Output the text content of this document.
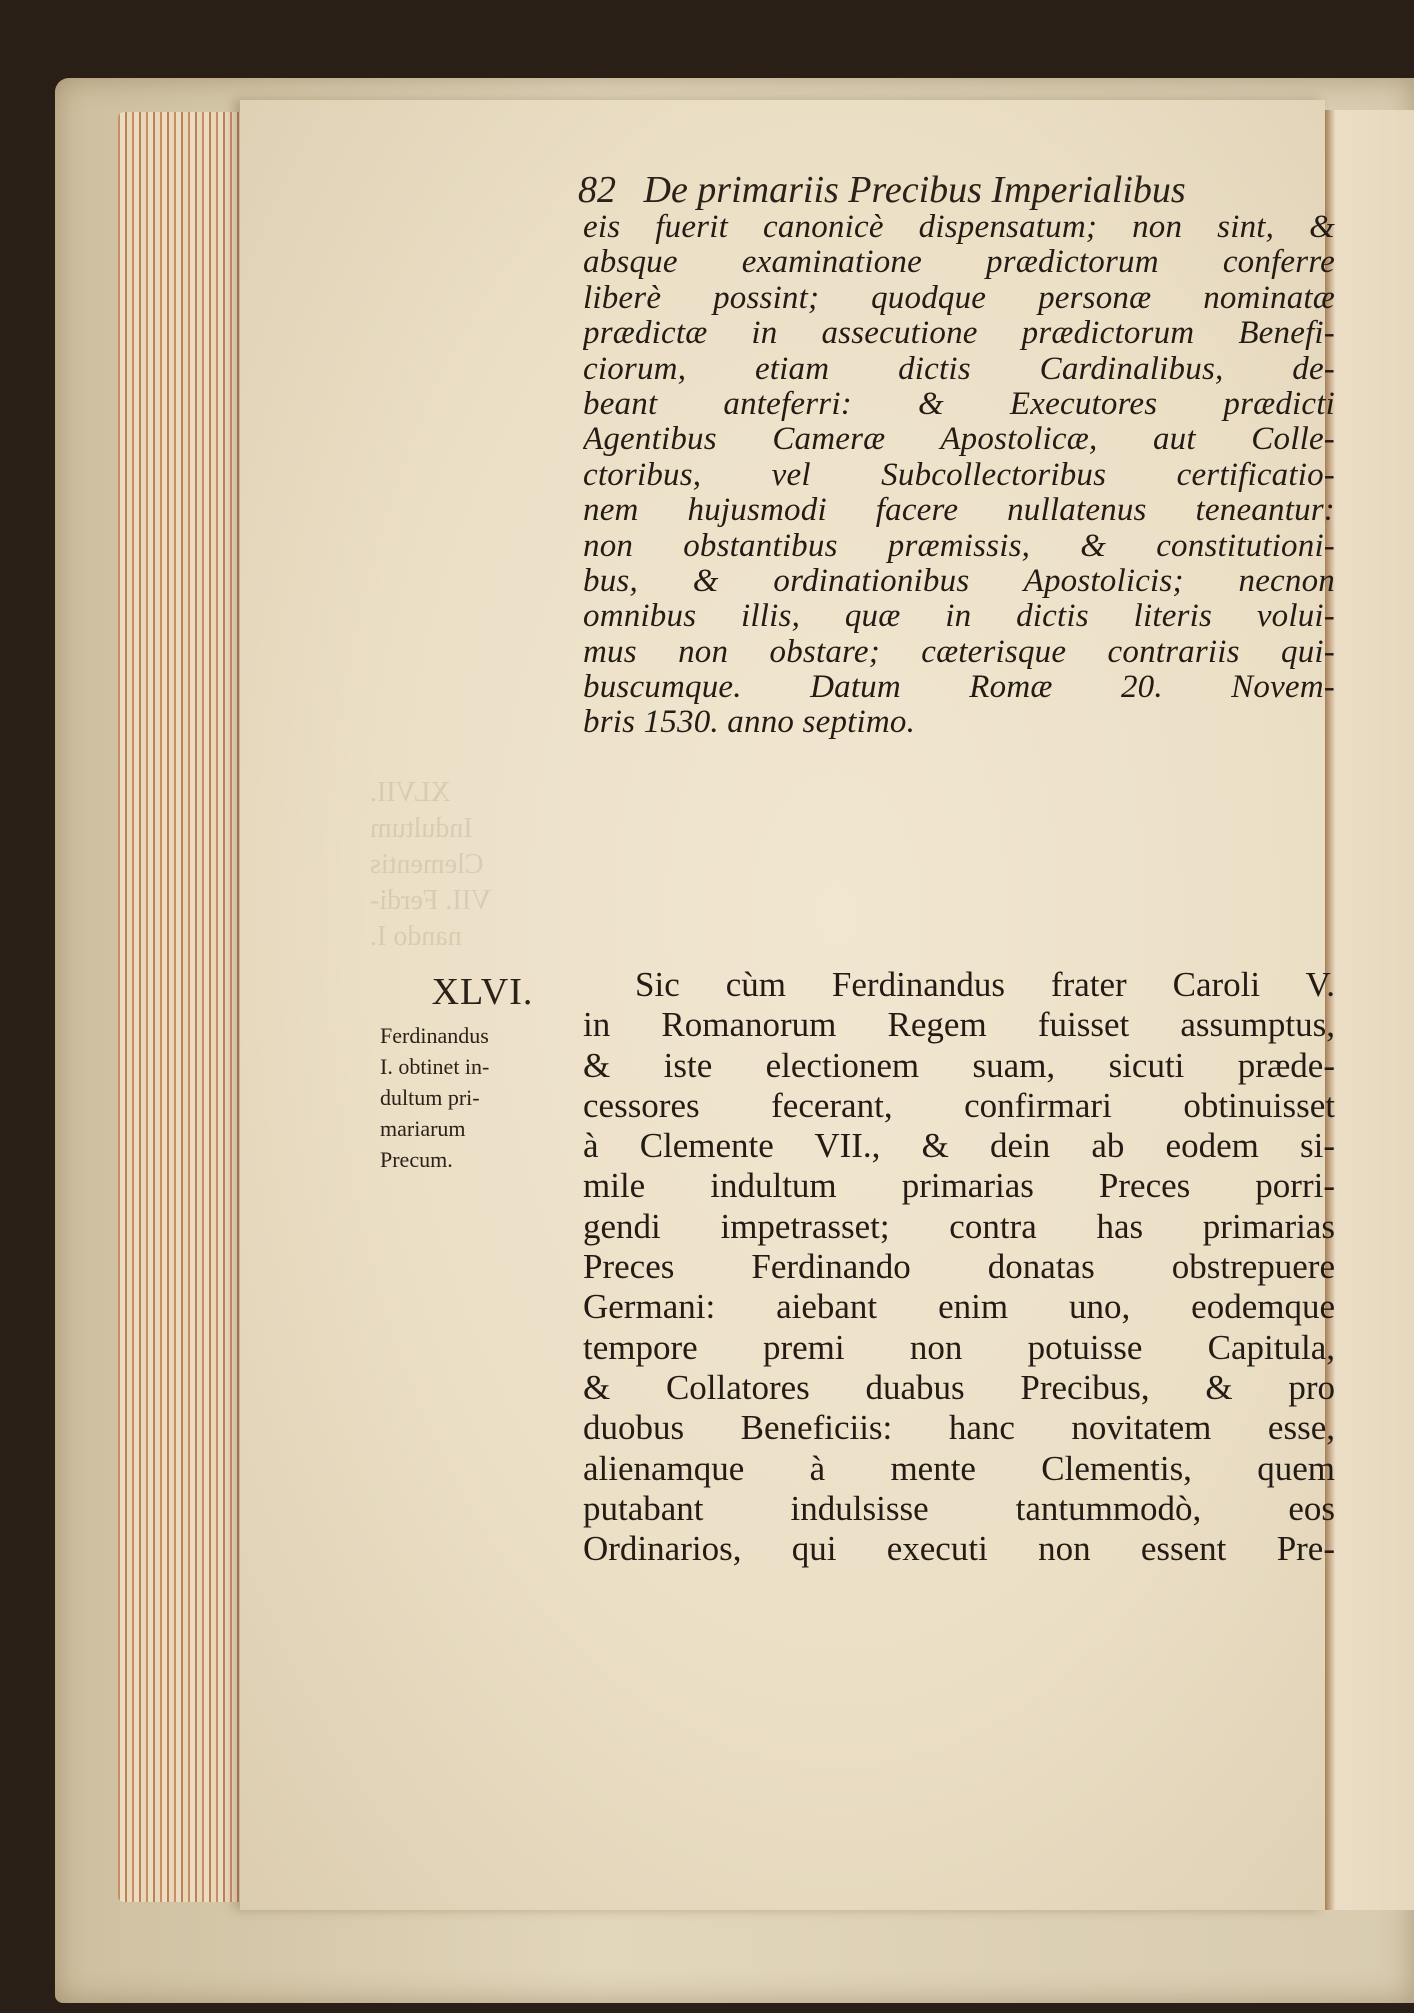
XLVII.
Indultum
Clementis
VII. Ferdi-
nando I.
82 De primariis Precibus Imperialibus
eis fuerit canonicè dispensatum; non sint, &
absque examinatione prædictorum conferre
liberè possint; quodque personæ nominatæ
prædictæ in assecutione prædictorum Benefi-
ciorum, etiam dictis Cardinalibus, de-
beant anteferri: & Executores prædicti
Agentibus Cameræ Apostolicæ, aut Colle-
ctoribus, vel Subcollectoribus certificatio-
nem hujusmodi facere nullatenus teneantur:
non obstantibus præmissis, & constitutioni-
bus, & ordinationibus Apostolicis; necnon
omnibus illis, quæ in dictis literis volui-
mus non obstare; cæterisque contrariis qui-
buscumque. Datum Romæ 20. Novem-
bris 1530. anno septimo.
XLVI.
Ferdinandus
I. obtinet in-
dultum pri-
mariarum
Precum.
Sic cùm Ferdinandus frater Caroli V.
in Romanorum Regem fuisset assumptus,
& iste electionem suam, sicuti præde-
cessores fecerant, confirmari obtinuisset
à Clemente VII., & dein ab eodem si-
mile indultum primarias Preces porri-
gendi impetrasset; contra has primarias
Preces Ferdinando donatas obstrepuere
Germani: aiebant enim uno, eodemque
tempore premi non potuisse Capitula,
& Collatores duabus Precibus, & pro
duobus Beneficiis: hanc novitatem esse,
alienamque à mente Clementis, quem
putabant indulsisse tantummodò, eos
Ordinarios, qui executi non essent Pre-
